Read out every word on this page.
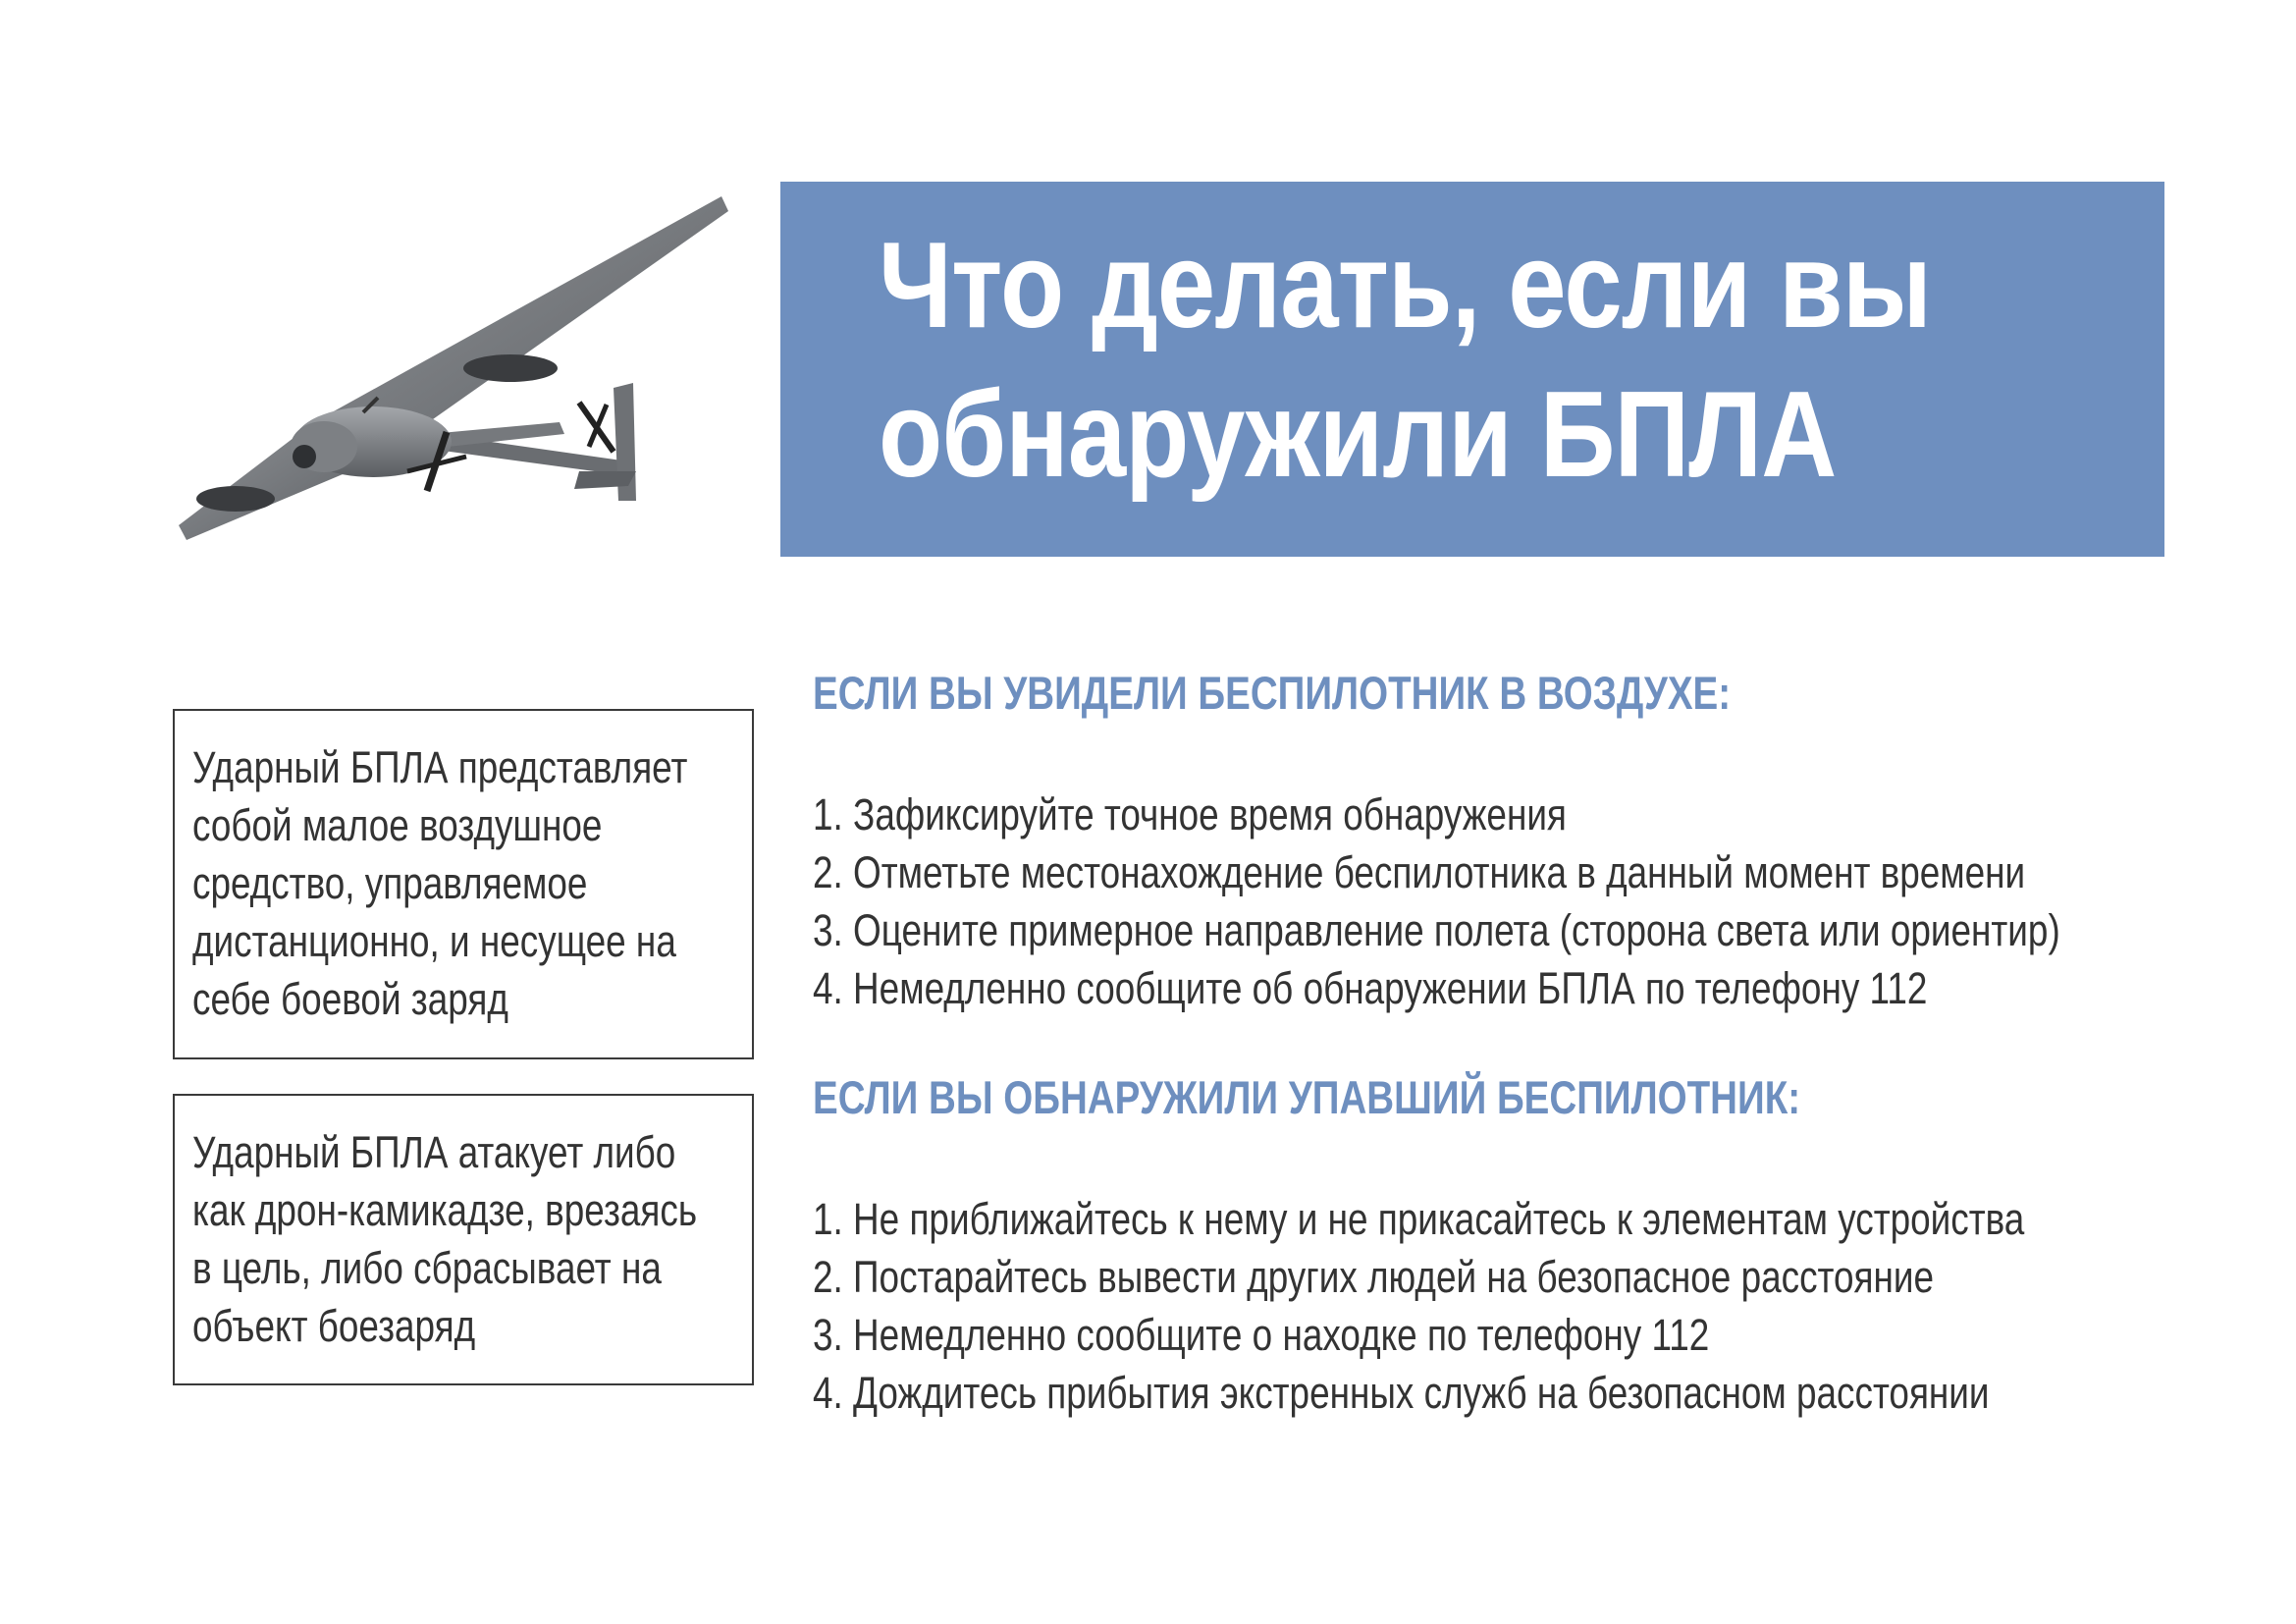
Что делать, если вы
обнаружили БПЛА
Ударный БПЛА представляет
собой малое воздушное
средство, управляемое
дистанционно, и несущее на
себе боевой заряд
Ударный БПЛА атакует либо
как дрон-камикадзе, врезаясь
в цель, либо сбрасывает на
объект боезаряд
ЕСЛИ ВЫ УВИДЕЛИ БЕСПИЛОТНИК В ВОЗДУХЕ:
1. Зафиксируйте точное время обнаружения
2. Отметьте местонахождение беспилотника в данный момент времени
3. Оцените примерное направление полета (сторона света или ориентир)
4. Немедленно сообщите об обнаружении БПЛА по телефону 112
ЕСЛИ ВЫ ОБНАРУЖИЛИ УПАВШИЙ БЕСПИЛОТНИК:
1. Не приближайтесь к нему и не прикасайтесь к элементам устройства
2. Постарайтесь вывести других людей на безопасное расстояние
3. Немедленно сообщите о находке по телефону 112
4. Дождитесь прибытия экстренных служб на безопасном расстоянии
